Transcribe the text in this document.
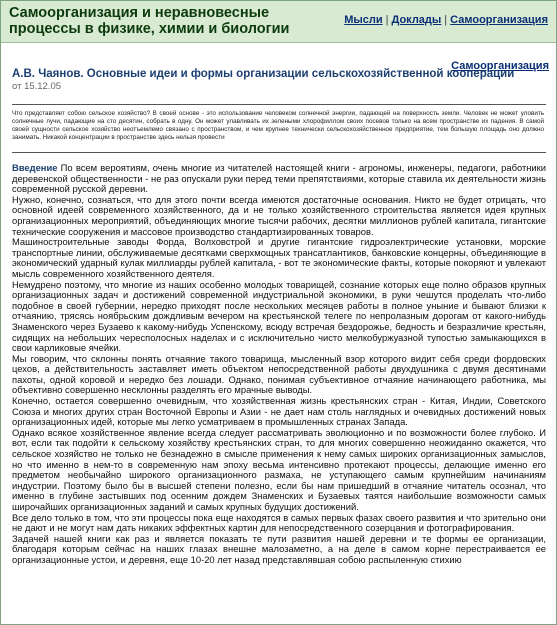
Самоорганизация и неравновесные
процессы в физике, химии и биологии
Мысли | Доклады | Самоорганизация
Самоорганизация
А.В. Чаянов. Основные идеи и формы организации сельскохозяйственной кооперации
от 15.12.05
Что представляет собою сельское хозяйство? В своей основе - это использование человеком солнечной энергии, падающей на поверхность земли. Человек не может уловить солнечные лучи, падающие на сто десятин, собрать в одну. Он может улавливать их зелеными хлорофиллом своих посевов только на всем пространстве их падения. В самой своей сущности сельское хозяйство неотъемлемо связано с пространством, и чем крупнее технически сельскохозяйственное предприятие, тем большую площадь оно должно занимать. Никакой концентрации в пространстве здесь нельзя провести

Введение По всем вероятиям, очень многие из читателей настоящей книги - агрономы, инженеры, педагоги, работники деревенской общественности - не раз опускали руки перед теми препятствиями, которые ставила их деятельности жизнь современной русской деревни.

Нужно, конечно, сознаться, что для этого почти всегда имеются достаточные основания. Никто не будет отрицать, что основной идеей современного хозяйственного, да и не только хозяйственного строительства является идея крупных организационных мероприятий, объединяющих многие тысячи рабочих, десятки миллионов рублей капитала, гигантские технические сооружения и массовое производство стандартизированных товаров.

Машиностроительные заводы Форда, Волховстрой и другие гигантские гидроэлектрические установки, морские транспортные линии, обслуживаемые десятками сверхмощных трансатлантиков, банковские концерны, объединяющие в экономический ударный кулак миллиарды рублей капитала, - вот те экономические факты, которые покоряют и увлекают мысль современного хозяйственного деятеля.

Немудрено поэтому, что многие из наших особенно молодых товарищей, сознание которых еще полно образов крупных организационных задач и достижений современной индустриальной экономики, в руки чешутся проделать что-либо подобное в своей губернии, нередко приходят после нескольких месяцев работы в полное уныние и бывают близки к отчаянию, трясясь ноябрьским дождливым вечером на крестьянской телеге по непролазным дорогам от какого-нибудь Знаменского через Бузаево к какому-нибудь Успенскому, всюду встречая бездорожье, бедность и безразличие крестьян, сидящих на небольших чересполосных наделах и с исключительно чисто мелкобуржуазной тупостью замыкающихся в свои карликовые ячейки.

Мы говорим, что склонны понять отчаяние такого товарища, мысленный взор которого видит себя среди фордовских цехов, а действительность заставляет иметь объектом непосредственной работы двухдушника с двумя десятинами пахоты, одной коровой и нередко без лошади. Однако, понимая субъективное отчаяние начинающего работника, мы объективно совершенно несклонны разделять его мрачные выводы.

Конечно, остается совершенно очевидным, что хозяйственная жизнь крестьянских стран - Китая, Индии, Советского Союза и многих других стран Восточной Европы и Азии - не дает нам столь наглядных и очевидных достижений новых организационных идей, которые мы легко усматриваем в промышленных странах Запада.

Однако всякое хозяйственное явление всегда следует рассматривать эволюционно и по возможности более глубоко. И вот, если так подойти к сельскому хозяйству крестьянских стран, то для многих совершенно неожиданно окажется, что сельское хозяйство не только не безнадежно в смысле применения к нему самых широких организационных замыслов, но что именно в нем-то в современную нам эпоху весьма интенсивно протекают процессы, делающие именно его предметом необычайно широкого организационного размаха, не уступающего самым крупнейшим начинаниям индустрии. Поэтому было бы в высшей степени полезно, если бы нам пришедший в отчаяние читатель осознал, что именно в глубине застывших под осенним дождем Знаменских и Бузаевых таятся наибольшие возможности самых широчайших организационных заданий и самых крупных будущих достижений.

Все дело только в том, что эти процессы пока еще находятся в самых первых фазах своего развития и что зрительно они не дают и не могут нам дать никаких эффектных картин для непосредственного созерцания и фотографирования.

Задачей нашей книги как раз и является показать те пути развития нашей деревни и те формы ее организации, благодаря которым сейчас на наших глазах внешне малозаметно, а на деле в самом корне перестраивается ее организационные устои, и деревня, еще 10-20 лет назад представлявшая собою распыленную стихию
